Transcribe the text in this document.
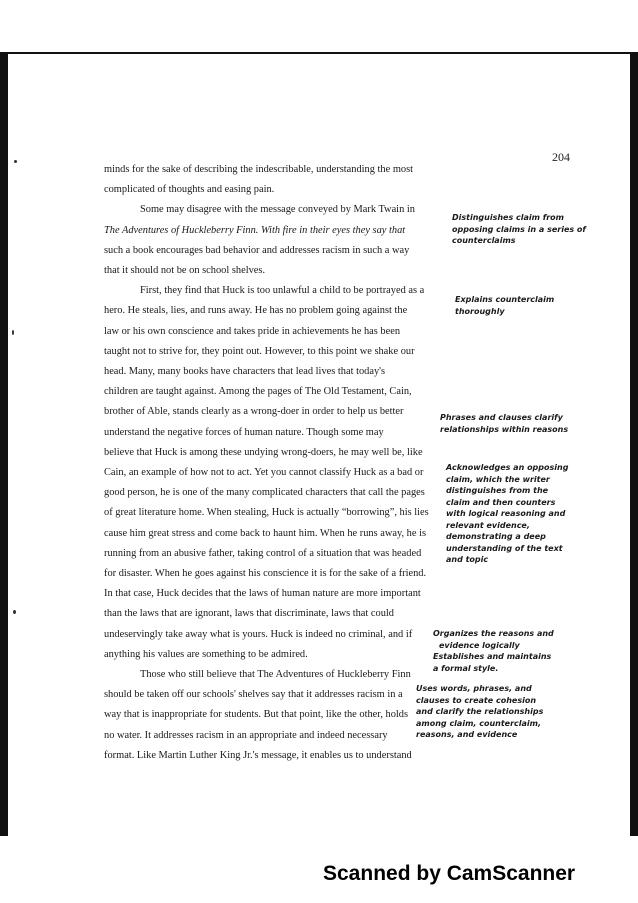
204

minds for the sake of describing the indescribable, understanding the most

complicated of thoughts and easing pain.

Some may disagree with the message conveyed by Mark Twain in

The Adventures of Huckleberry Finn. With fire in their eyes they say that

such a book encourages bad behavior and addresses racism in such a way

that it should not be on school shelves.

First, they find that Huck is too unlawful a child to be portrayed as a

hero. He steals, lies, and runs away. He has no problem going against the

law or his own conscience and takes pride in achievements he has been

taught not to strive for, they point out. However, to this point we shake our

head. Many, many books have characters that lead lives that today's

children are taught against. Among the pages of The Old Testament, Cain,

brother of Able, stands clearly as a wrong-doer in order to help us better

understand the negative forces of human nature. Though some may

believe that Huck is among these undying wrong-doers, he may well be, like

Cain, an example of how not to act. Yet you cannot classify Huck as a bad or

good person, he is one of the many complicated characters that call the pages

of great literature home. When stealing, Huck is actually “borrowing”, his lies

cause him great stress and come back to haunt him. When he runs away, he is

running from an abusive father, taking control of a situation that was headed

for disaster. When he goes against his conscience it is for the sake of a friend.

In that case, Huck decides that the laws of human nature are more important

than the laws that are ignorant, laws that discriminate, laws that could

undeservingly take away what is yours. Huck is indeed no criminal, and if

anything his values are something to be admired.

Those who still believe that The Adventures of Huckleberry Finn

should be taken off our schools' shelves say that it addresses racism in a

way that is inappropriate for students. But that point, like the other, holds

no water. It addresses racism in an appropriate and indeed necessary

format. Like Martin Luther King Jr.'s message, it enables us to understand

Distinguishes claim from
opposing claims in a series of
counterclaims
Explains counterclaim
thoroughly
Phrases and clauses clarify
relationships within reasons
Acknowledges an opposing
claim, which the writer
distinguishes from the
claim and then counters
with logical reasoning and
relevant evidence,
demonstrating a deep
understanding of the text
and topic
Organizes the reasons and
evidence logically
Establishes and maintains
a formal style.
Uses words, phrases, and
clauses to create cohesion
and clarify the relationships
among claim, counterclaim,
reasons, and evidence
Scanned by CamScanner
